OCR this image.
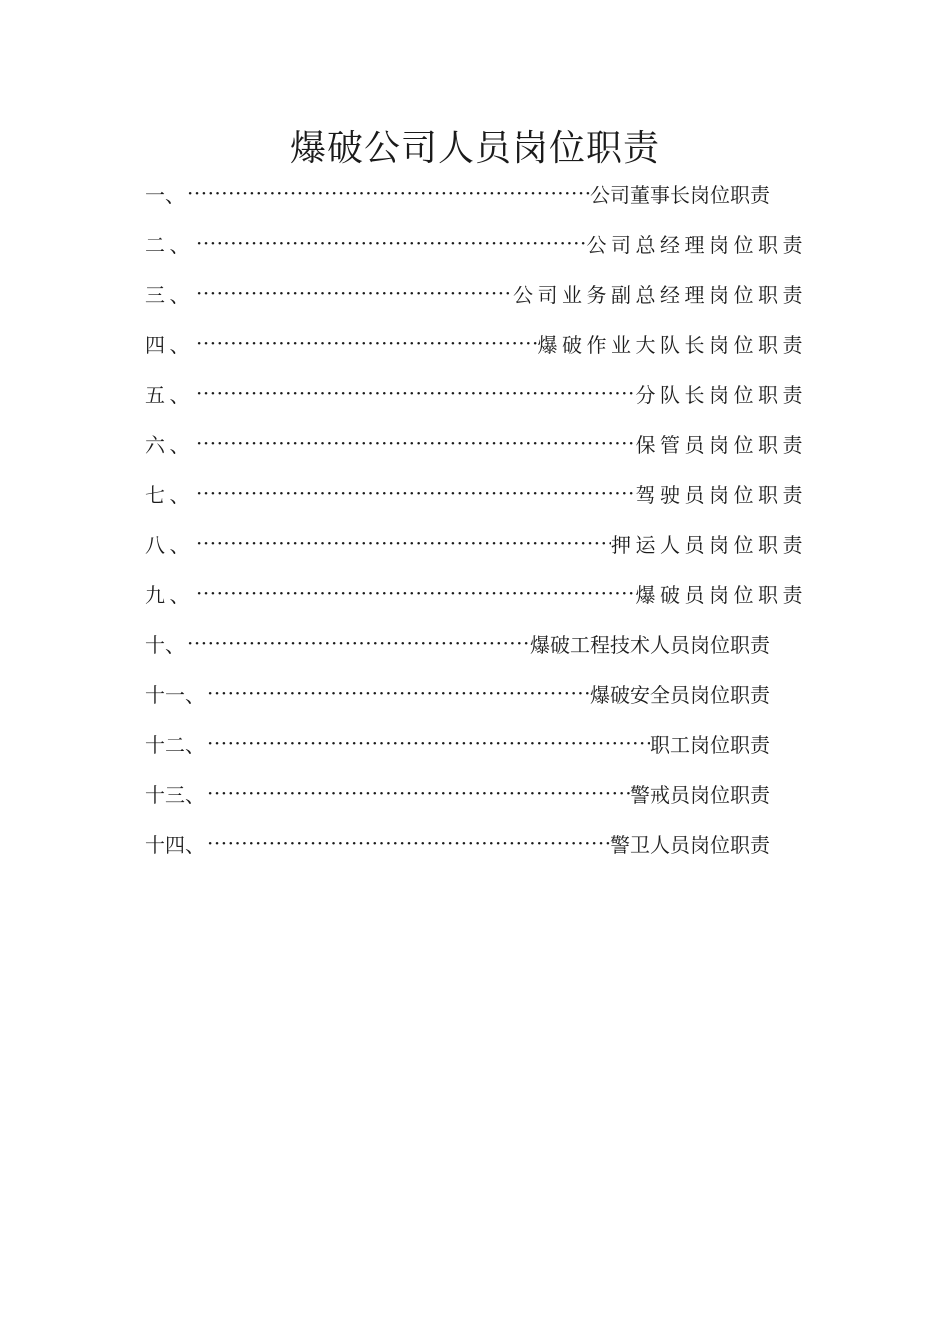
爆破公司人员岗位职责
一、 ·····	公司董事长岗位职责
二、 ·····	公司总经理岗位职责
三、 ·····	公司业务副总经理岗位职责
四、 ·····	爆破作业大队长岗位职责
五、 ·····	分队长岗位职责
六、 ·····	保管员岗位职责
七、 ·····	驾驶员岗位职责
八、 ·····	押运人员岗位职责
九、 ·····	爆破员岗位职责
十、 ·····	爆破工程技术人员岗位职责
十一、 ·····	爆破安全员岗位职责
十二、 ·····	职工岗位职责
十三、 ·····	警戒员岗位职责
十四、 ·····	警卫人员岗位职责
